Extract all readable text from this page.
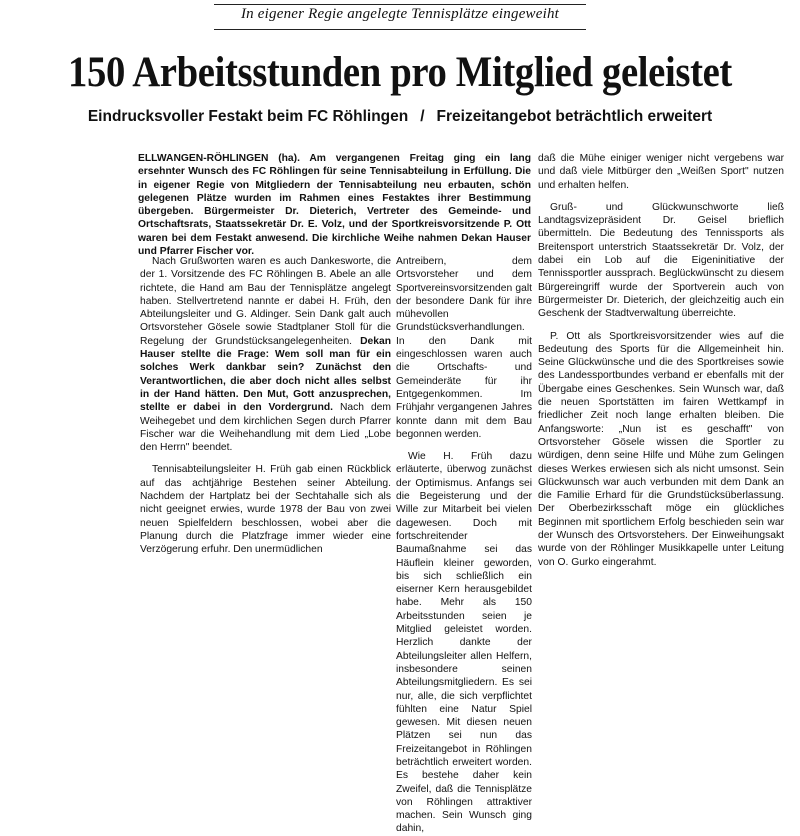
In eigener Regie angelegte Tennisplätze eingeweiht
150 Arbeitsstunden pro Mitglied geleistet
Eindrucksvoller Festakt beim FC Röhlingen / Freizeitangebot beträchtlich erweitert

ELLWANGEN-RÖHLINGEN (ha). Am vergangenen Freitag ging ein lang ersehnter Wunsch des FC Röhlingen für seine Tennisabteilung in Erfüllung. Die in eigener Regie von Mitgliedern der Tennisabteilung neu erbauten, schön gelegenen Plätze wurden im Rahmen eines Festaktes ihrer Bestimmung übergeben. Bürgermeister Dr. Dieterich, Vertreter des Gemeinde- und Ortschaftsrats, Staatssekretär Dr. E. Volz, und der Sportkreisvorsitzende P. Ott waren bei dem Festakt anwesend. Die kirchliche Weihe nahmen Dekan Hauser und Pfarrer Fischer vor.

Nach Grußworten waren es auch Dankesworte, die der 1. Vorsitzende des FC Röhlingen B. Abele an alle richtete, die Hand am Bau der Tennisplätze angelegt haben. Stellvertretend nannte er dabei H. Früh, den Abteilungsleiter und G. Aldinger. Sein Dank galt auch Ortsvorsteher Gösele sowie Stadtplaner Stoll für die Regelung der Grundstücksangelegenheiten. Dekan Hauser stellte die Frage: Wem soll man für ein solches Werk dankbar sein? Zunächst den Verantwortlichen, die aber doch nicht alles selbst in der Hand hätten. Den Mut, Gott anzusprechen, stellte er dabei in den Vordergrund. Nach dem Weihegebet und dem kirchlichen Segen durch Pfarrer Fischer war die Weihehandlung mit dem Lied „Lobe den Herrn" beendet.

Tennisabteilungsleiter H. Früh gab einen Rückblick auf das achtjährige Bestehen seiner Abteilung. Nachdem der Hartplatz bei der Sechtahalle sich als nicht geeignet erwies, wurde 1978 der Bau von zwei neuen Spielfeldern beschlossen, wobei aber die Planung durch die Platzfrage immer wieder eine Verzögerung erfuhr. Den unermüdlichen

Antreibern, dem Ortsvorsteher und dem Sportvereinsvorsitzenden galt der besondere Dank für ihre mühevollen Grundstücksverhandlungen. In den Dank mit eingeschlossen waren auch die Ortschafts- und Gemeinderäte für ihr Entgegenkommen. Im Frühjahr vergangenen Jahres konnte dann mit dem Bau begonnen werden.

Wie H. Früh dazu erläuterte, überwog zunächst der Optimismus. Anfangs sei die Begeisterung und der Wille zur Mitarbeit bei vielen dagewesen. Doch mit fortschreitender Baumaßnahme sei das Häuflein kleiner geworden, bis sich schließlich ein eiserner Kern herausgebildet habe. Mehr als 150 Arbeitsstunden seien je Mitglied geleistet worden. Herzlich dankte der Abteilungsleiter allen Helfern, insbesondere seinen Abteilungsmitgliedern. Es sei nur, alle, die sich verpflichtet fühlten eine Natur Spiel gewesen. Mit diesen neuen Plätzen sei nun das Freizeitangebot in Röhlingen beträchtlich erweitert worden. Es bestehe daher kein Zweifel, daß die Tennisplätze von Röhlingen attraktiver machen. Sein Wunsch ging dahin,

daß die Mühe einiger weniger nicht vergebens war und daß viele Mitbürger den „Weißen Sport" nutzen und erhalten helfen.

Gruß- und Glückwunschworte ließ Landtagsvizepräsident Dr. Geisel brieflich übermitteln. Die Bedeutung des Tennissports als Breitensport unterstrich Staatssekretär Dr. Volz, der dabei ein Lob auf die Eigeninitiative der Tennissportler aussprach. Beglückwünscht zu diesem Bürgereingriff wurde der Sportverein auch von Bürgermeister Dr. Dieterich, der gleichzeitig auch ein Geschenk der Stadtverwaltung überreichte.

P. Ott als Sportkreisvorsitzender wies auf die Bedeutung des Sports für die Allgemeinheit hin. Seine Glückwünsche und die des Sportkreises sowie des Landessportbundes verband er ebenfalls mit der Übergabe eines Geschenkes. Sein Wunsch war, daß die neuen Sportstätten im fairen Wettkampf in friedlicher Zeit noch lange erhalten bleiben. Die Anfangsworte: „Nun ist es geschafft" von Ortsvorsteher Gösele wissen die Sportler zu würdigen, denn seine Hilfe und Mühe zum Gelingen dieses Werkes erwiesen sich als nicht umsonst. Sein Glückwunsch war auch verbunden mit dem Dank an die Familie Erhard für die Grundstücksüberlassung. Der Oberbezirksschaft möge ein glückliches Beginnen mit sportlichem Erfolg beschieden sein war der Wunsch des Ortsvorstehers. Der Einweihungsakt wurde von der Röhlinger Musikkapelle unter Leitung von O. Gurko eingerahmt.
